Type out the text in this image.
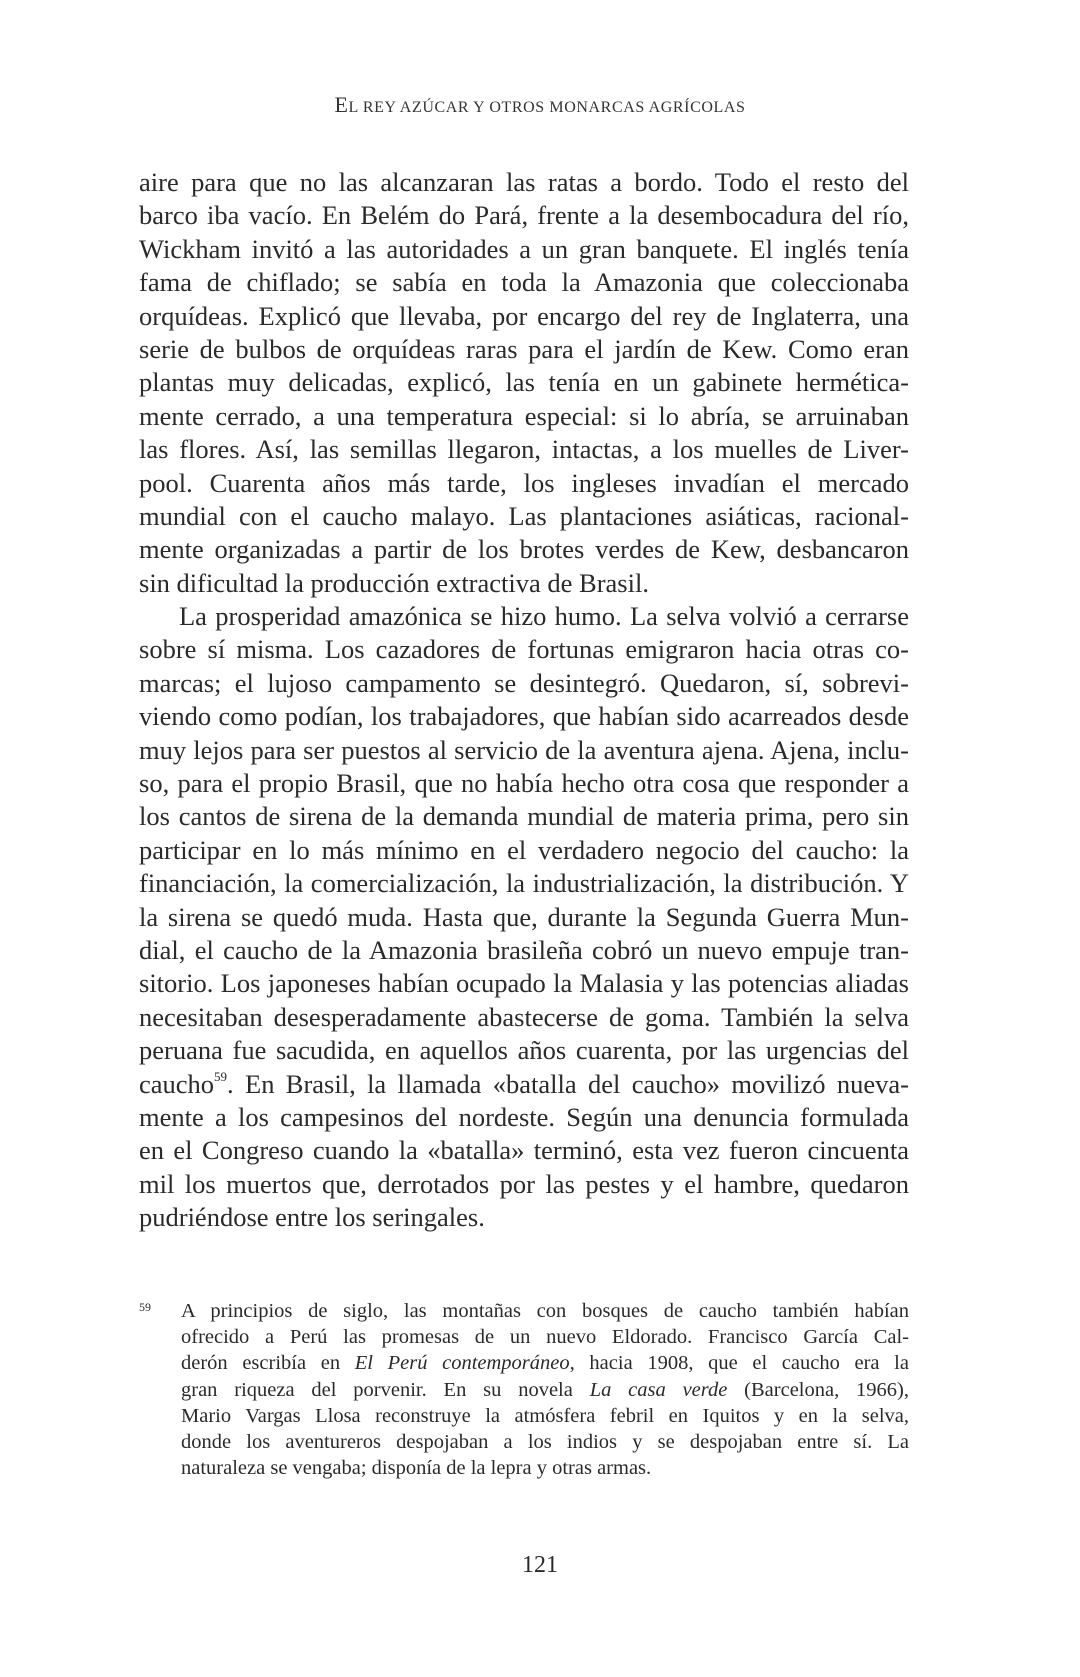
EL REY AZÚCAR Y OTROS MONARCAS AGRÍCOLAS
aire para que no las alcanzaran las ratas a bordo. Todo el resto del
barco iba vacío. En Belém do Pará, frente a la desembocadura del río,
Wickham invitó a las autoridades a un gran banquete. El inglés tenía
fama de chiflado; se sabía en toda la Amazonia que coleccionaba
orquídeas. Explicó que llevaba, por encargo del rey de Inglaterra, una
serie de bulbos de orquídeas raras para el jardín de Kew. Como eran
plantas muy delicadas, explicó, las tenía en un gabinete hermética-
mente cerrado, a una temperatura especial: si lo abría, se arruinaban
las flores. Así, las semillas llegaron, intactas, a los muelles de Liver-
pool. Cuarenta años más tarde, los ingleses invadían el mercado
mundial con el caucho malayo. Las plantaciones asiáticas, racional-
mente organizadas a partir de los brotes verdes de Kew, desbancaron
sin dificultad la producción extractiva de Brasil.
La prosperidad amazónica se hizo humo. La selva volvió a cerrarse
sobre sí misma. Los cazadores de fortunas emigraron hacia otras co-
marcas; el lujoso campamento se desintegró. Quedaron, sí, sobrevi-
viendo como podían, los trabajadores, que habían sido acarreados desde
muy lejos para ser puestos al servicio de la aventura ajena. Ajena, inclu-
so, para el propio Brasil, que no había hecho otra cosa que responder a
los cantos de sirena de la demanda mundial de materia prima, pero sin
participar en lo más mínimo en el verdadero negocio del caucho: la
financiación, la comercialización, la industrialización, la distribución. Y
la sirena se quedó muda. Hasta que, durante la Segunda Guerra Mun-
dial, el caucho de la Amazonia brasileña cobró un nuevo empuje tran-
sitorio. Los japoneses habían ocupado la Malasia y las potencias aliadas
necesitaban desesperadamente abastecerse de goma. También la selva
peruana fue sacudida, en aquellos años cuarenta, por las urgencias del
caucho$^{59}$. En Brasil, la llamada «batalla del caucho» movilizó nueva-
mente a los campesinos del nordeste. Según una denuncia formulada
en el Congreso cuando la «batalla» terminó, esta vez fueron cincuenta
mil los muertos que, derrotados por las pestes y el hambre, quedaron
pudriéndose entre los seringales.
59 A principios de siglo, las montañas con bosques de caucho también habían
ofrecido a Perú las promesas de un nuevo Eldorado. Francisco García Cal-
derón escribía en El Perú contemporáneo, hacia 1908, que el caucho era la
gran riqueza del porvenir. En su novela La casa verde (Barcelona, 1966),
Mario Vargas Llosa reconstruye la atmósfera febril en Iquitos y en la selva,
donde los aventureros despojaban a los indios y se despojaban entre sí. La
naturaleza se vengaba; disponía de la lepra y otras armas.
121
